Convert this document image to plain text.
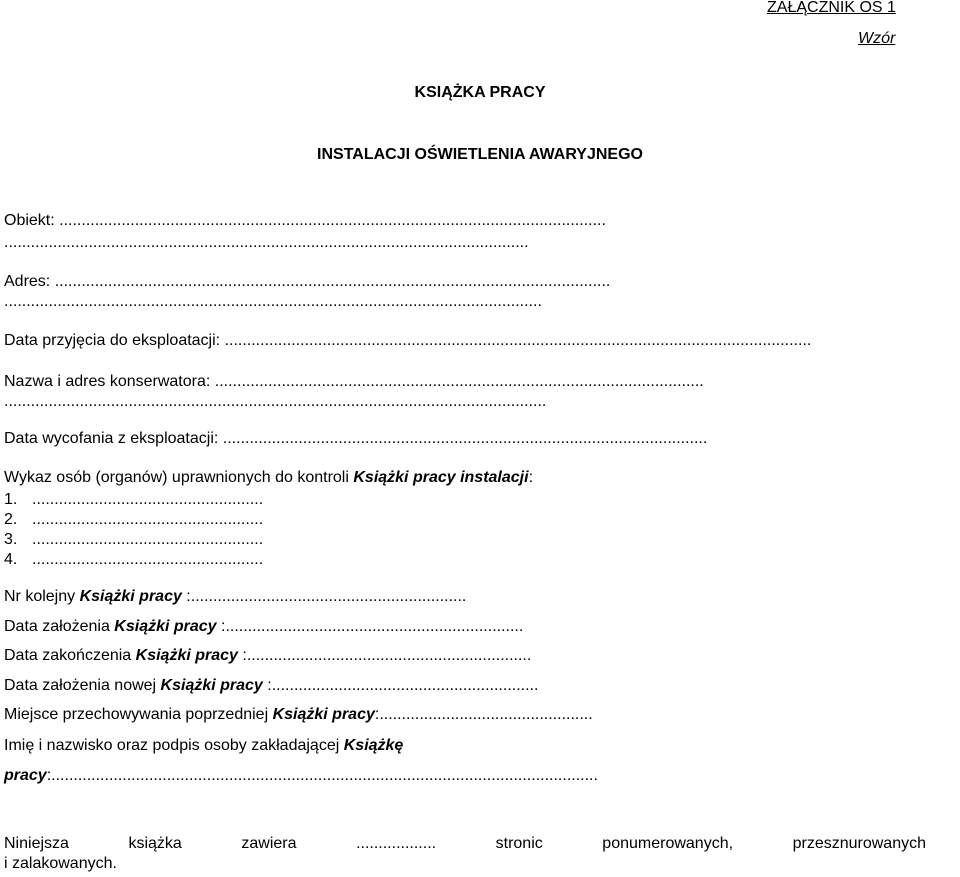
ZAŁĄCZNIK OS 1
Wzór
KSIĄŻKA PRACY
INSTALACJI OŚWIETLENIA AWARYJNEGO
Obiekt: ...........................................................................................................................
......................................................................................................................
Adres: .............................................................................................................................
.........................................................................................................................
Data przyjęcia do eksploatacji: ....................................................................................................................................
Nazwa i adres konserwatora: ..............................................................................................................
..........................................................................................................................
Data wycofania z eksploatacji: .............................................................................................................
Wykaz osób (organów) uprawnionych do kontroli Książki pracy instalacji:
1. ....................................................
2. ....................................................
3. ....................................................
4. ....................................................
Nr kolejny Książki pracy :..............................................................
Data założenia Książki pracy :...................................................................
Data zakończenia Książki pracy :................................................................
Data założenia nowej Książki pracy :............................................................
Miejsce przechowywania poprzedniej Książki pracy:................................................
Imię i nazwisko oraz podpis osoby zakładającej Książkę
pracy:...........................................................................................................................
Niniejsza	książka	zawiera	..................	stronic	ponumerowanych,	przesznurowanych
i zalakowanych.
